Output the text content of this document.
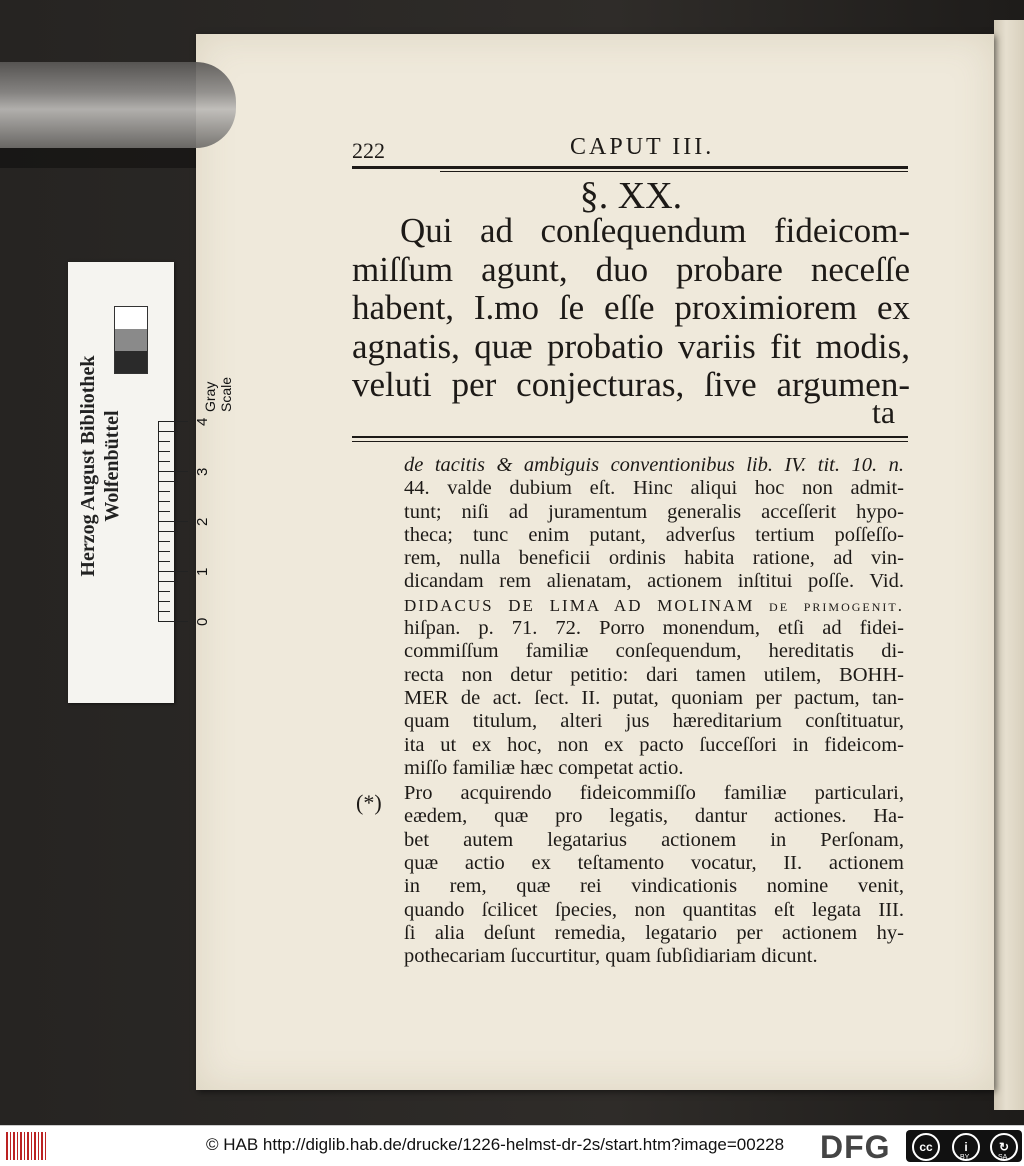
Herzog August Bibliothek Wolfenbüttel
0
1
2
3
4
Gray Scale
222	CAPUT III.
§. XX.
Qui ad conſequendum fideicom-
miſſum agunt, duo probare neceſſe
habent, I.mo ſe eſſe proximiorem ex
agnatis, quæ probatio variis fit modis,
veluti per conjecturas, ſive argumen-
ta
de tacitis & ambiguis conventionibus lib. IV. tit. 10. n.
44. valde dubium eſt. Hinc aliqui hoc non admit-
tunt; niſi ad juramentum generalis acceſſerit hypo-
theca; tunc enim putant, adverſus tertium poſſeſſo-
rem, nulla beneficii ordinis habita ratione, ad vin-
dicandam rem alienatam, actionem inſtitui poſſe. Vid.
DIDACUS DE LIMA AD MOLINAM de primogenit.
hiſpan. p. 71. 72. Porro monendum, etſi ad fidei-
commiſſum familiæ conſequendum, hereditatis di-
recta non detur petitio: dari tamen utilem, BOHH-
MER de act. ſect. II. putat, quoniam per pactum, tan-
quam titulum, alteri jus hæreditarium conſtituatur,
ita ut ex hoc, non ex pacto ſucceſſori in fideicom-
miſſo familiæ hæc competat actio.
Pro acquirendo fideicommiſſo familiæ particulari,
eædem, quæ pro legatis, dantur actiones. Ha-
bet autem legatarius actionem in Perſonam,
quæ actio ex teſtamento vocatur, II. actionem
in rem, quæ rei vindicationis nomine venit,
quando ſcilicet ſpecies, non quantitas eſt legata III.
ſi alia deſunt remedia, legatario per actionem hy-
pothecariam ſuccurtitur, quam ſubſidiariam dicunt.
(*)
© HAB http://diglib.hab.de/drucke/1226-helmst-dr-2s/start.htm?image=00228 DFG	cc	i	↻
BY	SA
